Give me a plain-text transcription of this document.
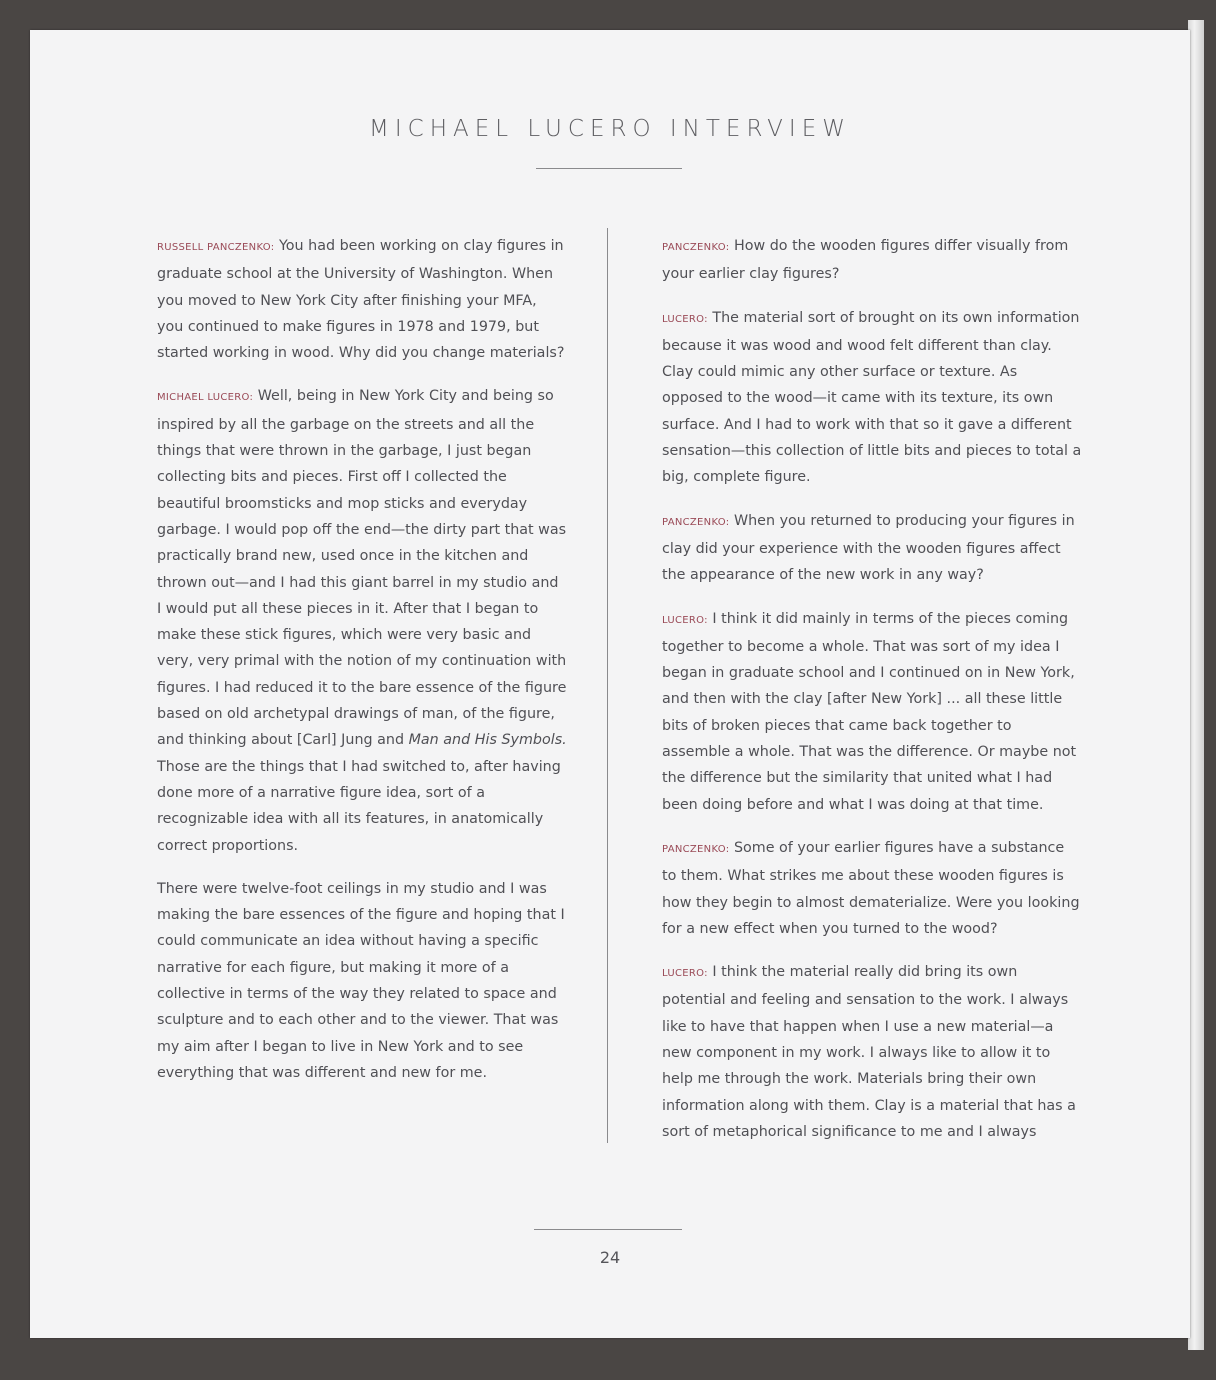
MICHAEL LUCERO INTERVIEW

RUSSELL PANCZENKO: You had been working on clay figures in graduate school at the University of Washington. When you moved to New York City after finishing your MFA, you continued to make figures in 1978 and 1979, but started working in wood. Why did you change materials?

MICHAEL LUCERO: Well, being in New York City and being so inspired by all the garbage on the streets and all the things that were thrown in the garbage, I just began collecting bits and pieces. First off I collected the beautiful broomsticks and mop sticks and everyday garbage. I would pop off the end—the dirty part that was practically brand new, used once in the kitchen and thrown out—and I had this giant barrel in my studio and I would put all these pieces in it. After that I began to make these stick figures, which were very basic and very, very primal with the notion of my continuation with figures. I had reduced it to the bare essence of the figure based on old archetypal drawings of man, of the figure, and thinking about [Carl] Jung and Man and His Symbols. Those are the things that I had switched to, after having done more of a narrative figure idea, sort of a recognizable idea with all its features, in anatomically correct proportions.

There were twelve-foot ceilings in my studio and I was making the bare essences of the figure and hoping that I could communicate an idea without having a specific narrative for each figure, but making it more of a collective in terms of the way they related to space and sculpture and to each other and to the viewer. That was my aim after I began to live in New York and to see everything that was different and new for me.

PANCZENKO: How do the wooden figures differ visually from your earlier clay figures?

LUCERO: The material sort of brought on its own information because it was wood and wood felt different than clay. Clay could mimic any other surface or texture. As opposed to the wood—it came with its texture, its own surface. And I had to work with that so it gave a different sensation—this collection of little bits and pieces to total a big, complete figure.

PANCZENKO: When you returned to producing your figures in clay did your experience with the wooden figures affect the appearance of the new work in any way?

LUCERO: I think it did mainly in terms of the pieces coming together to become a whole. That was sort of my idea I began in graduate school and I continued on in New York, and then with the clay [after New York] ... all these little bits of broken pieces that came back together to assemble a whole. That was the difference. Or maybe not the difference but the similarity that united what I had been doing before and what I was doing at that time.

PANCZENKO: Some of your earlier figures have a substance to them. What strikes me about these wooden figures is how they begin to almost dematerialize. Were you looking for a new effect when you turned to the wood?

LUCERO: I think the material really did bring its own potential and feeling and sensation to the work. I always like to have that happen when I use a new material—a new component in my work. I always like to allow it to help me through the work. Materials bring their own information along with them. Clay is a material that has a sort of metaphorical significance to me and I always

24
